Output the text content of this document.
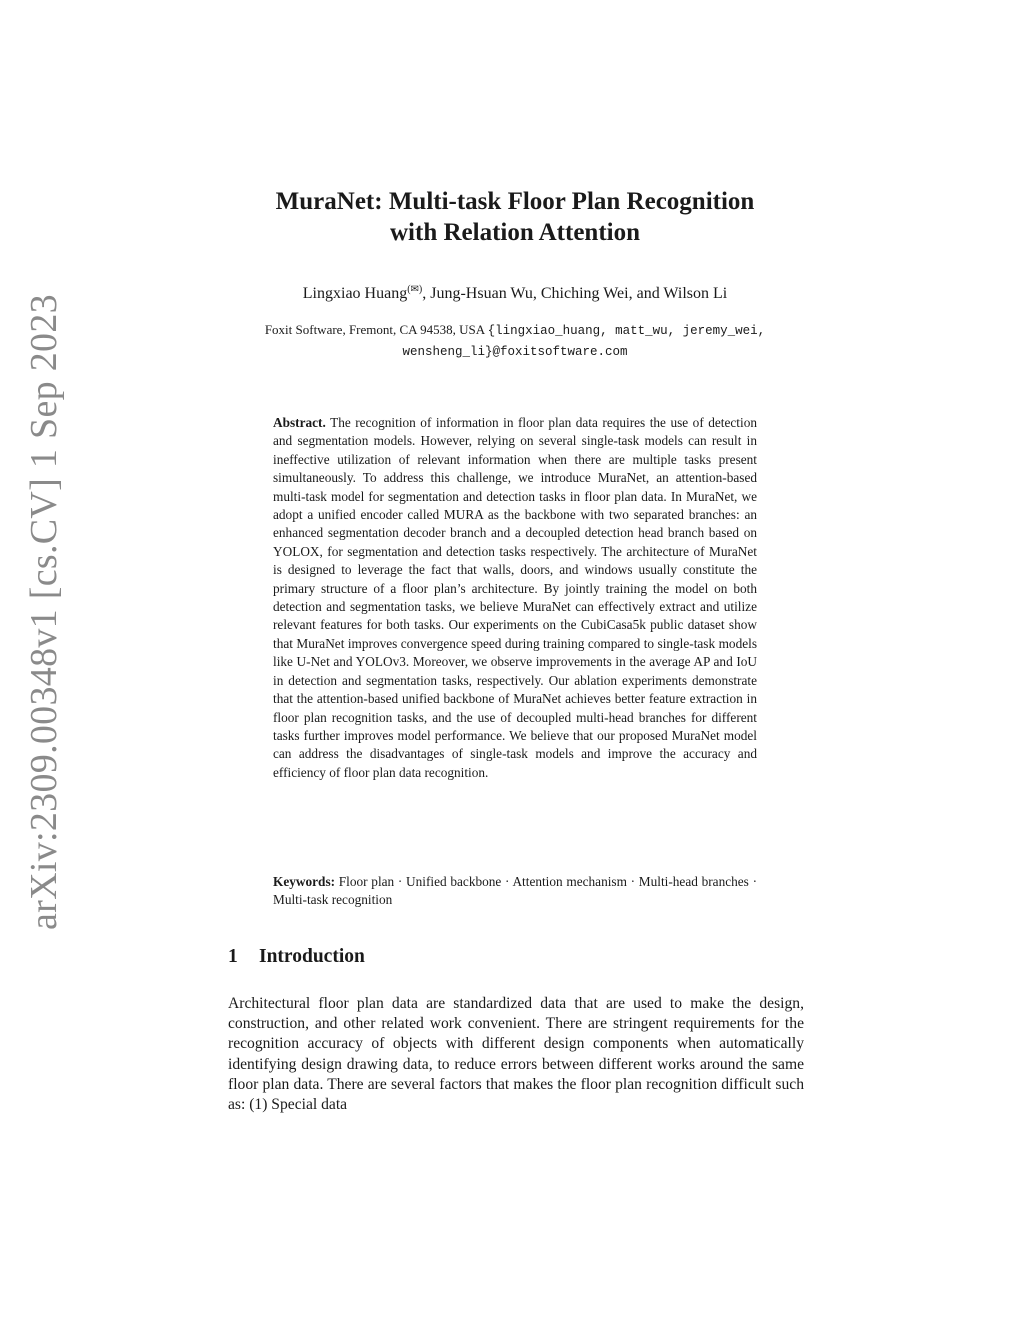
arXiv:2309.00348v1 [cs.CV] 1 Sep 2023
MuraNet: Multi-task Floor Plan Recognition
with Relation Attention
Lingxiao Huang(✉), Jung-Hsuan Wu, Chiching Wei, and Wilson Li
Foxit Software, Fremont, CA 94538, USA {lingxiao_huang, matt_wu, jeremy_wei,
wensheng_li}@foxitsoftware.com
Abstract. The recognition of information in floor plan data requires the use of detection and segmentation models. However, relying on several single-task models can result in ineffective utilization of relevant information when there are multiple tasks present simultaneously. To address this challenge, we introduce MuraNet, an attention-based multi-task model for segmentation and detection tasks in floor plan data. In MuraNet, we adopt a unified encoder called MURA as the backbone with two separated branches: an enhanced segmentation decoder branch and a decoupled detection head branch based on YOLOX, for segmentation and detection tasks respectively. The architecture of MuraNet is designed to leverage the fact that walls, doors, and windows usually constitute the primary structure of a floor plan’s architecture. By jointly training the model on both detection and segmentation tasks, we believe MuraNet can effectively extract and utilize relevant features for both tasks. Our experiments on the CubiCasa5k public dataset show that MuraNet improves convergence speed during training compared to single-task models like U-Net and YOLOv3. Moreover, we observe improvements in the average AP and IoU in detection and segmentation tasks, respectively. Our ablation experiments demonstrate that the attention-based unified backbone of MuraNet achieves better feature extraction in floor plan recognition tasks, and the use of decoupled multi-head branches for different tasks further improves model performance. We believe that our proposed MuraNet model can address the disadvantages of single-task models and improve the accuracy and efficiency of floor plan data recognition.
Keywords: Floor plan · Unified backbone · Attention mechanism · Multi-head branches · Multi-task recognition
1 Introduction
Architectural floor plan data are standardized data that are used to make the design, construction, and other related work convenient. There are stringent requirements for the recognition accuracy of objects with different design components when automatically identifying design drawing data, to reduce errors between different works around the same floor plan data. There are several factors that makes the floor plan recognition difficult such as: (1) Special data
